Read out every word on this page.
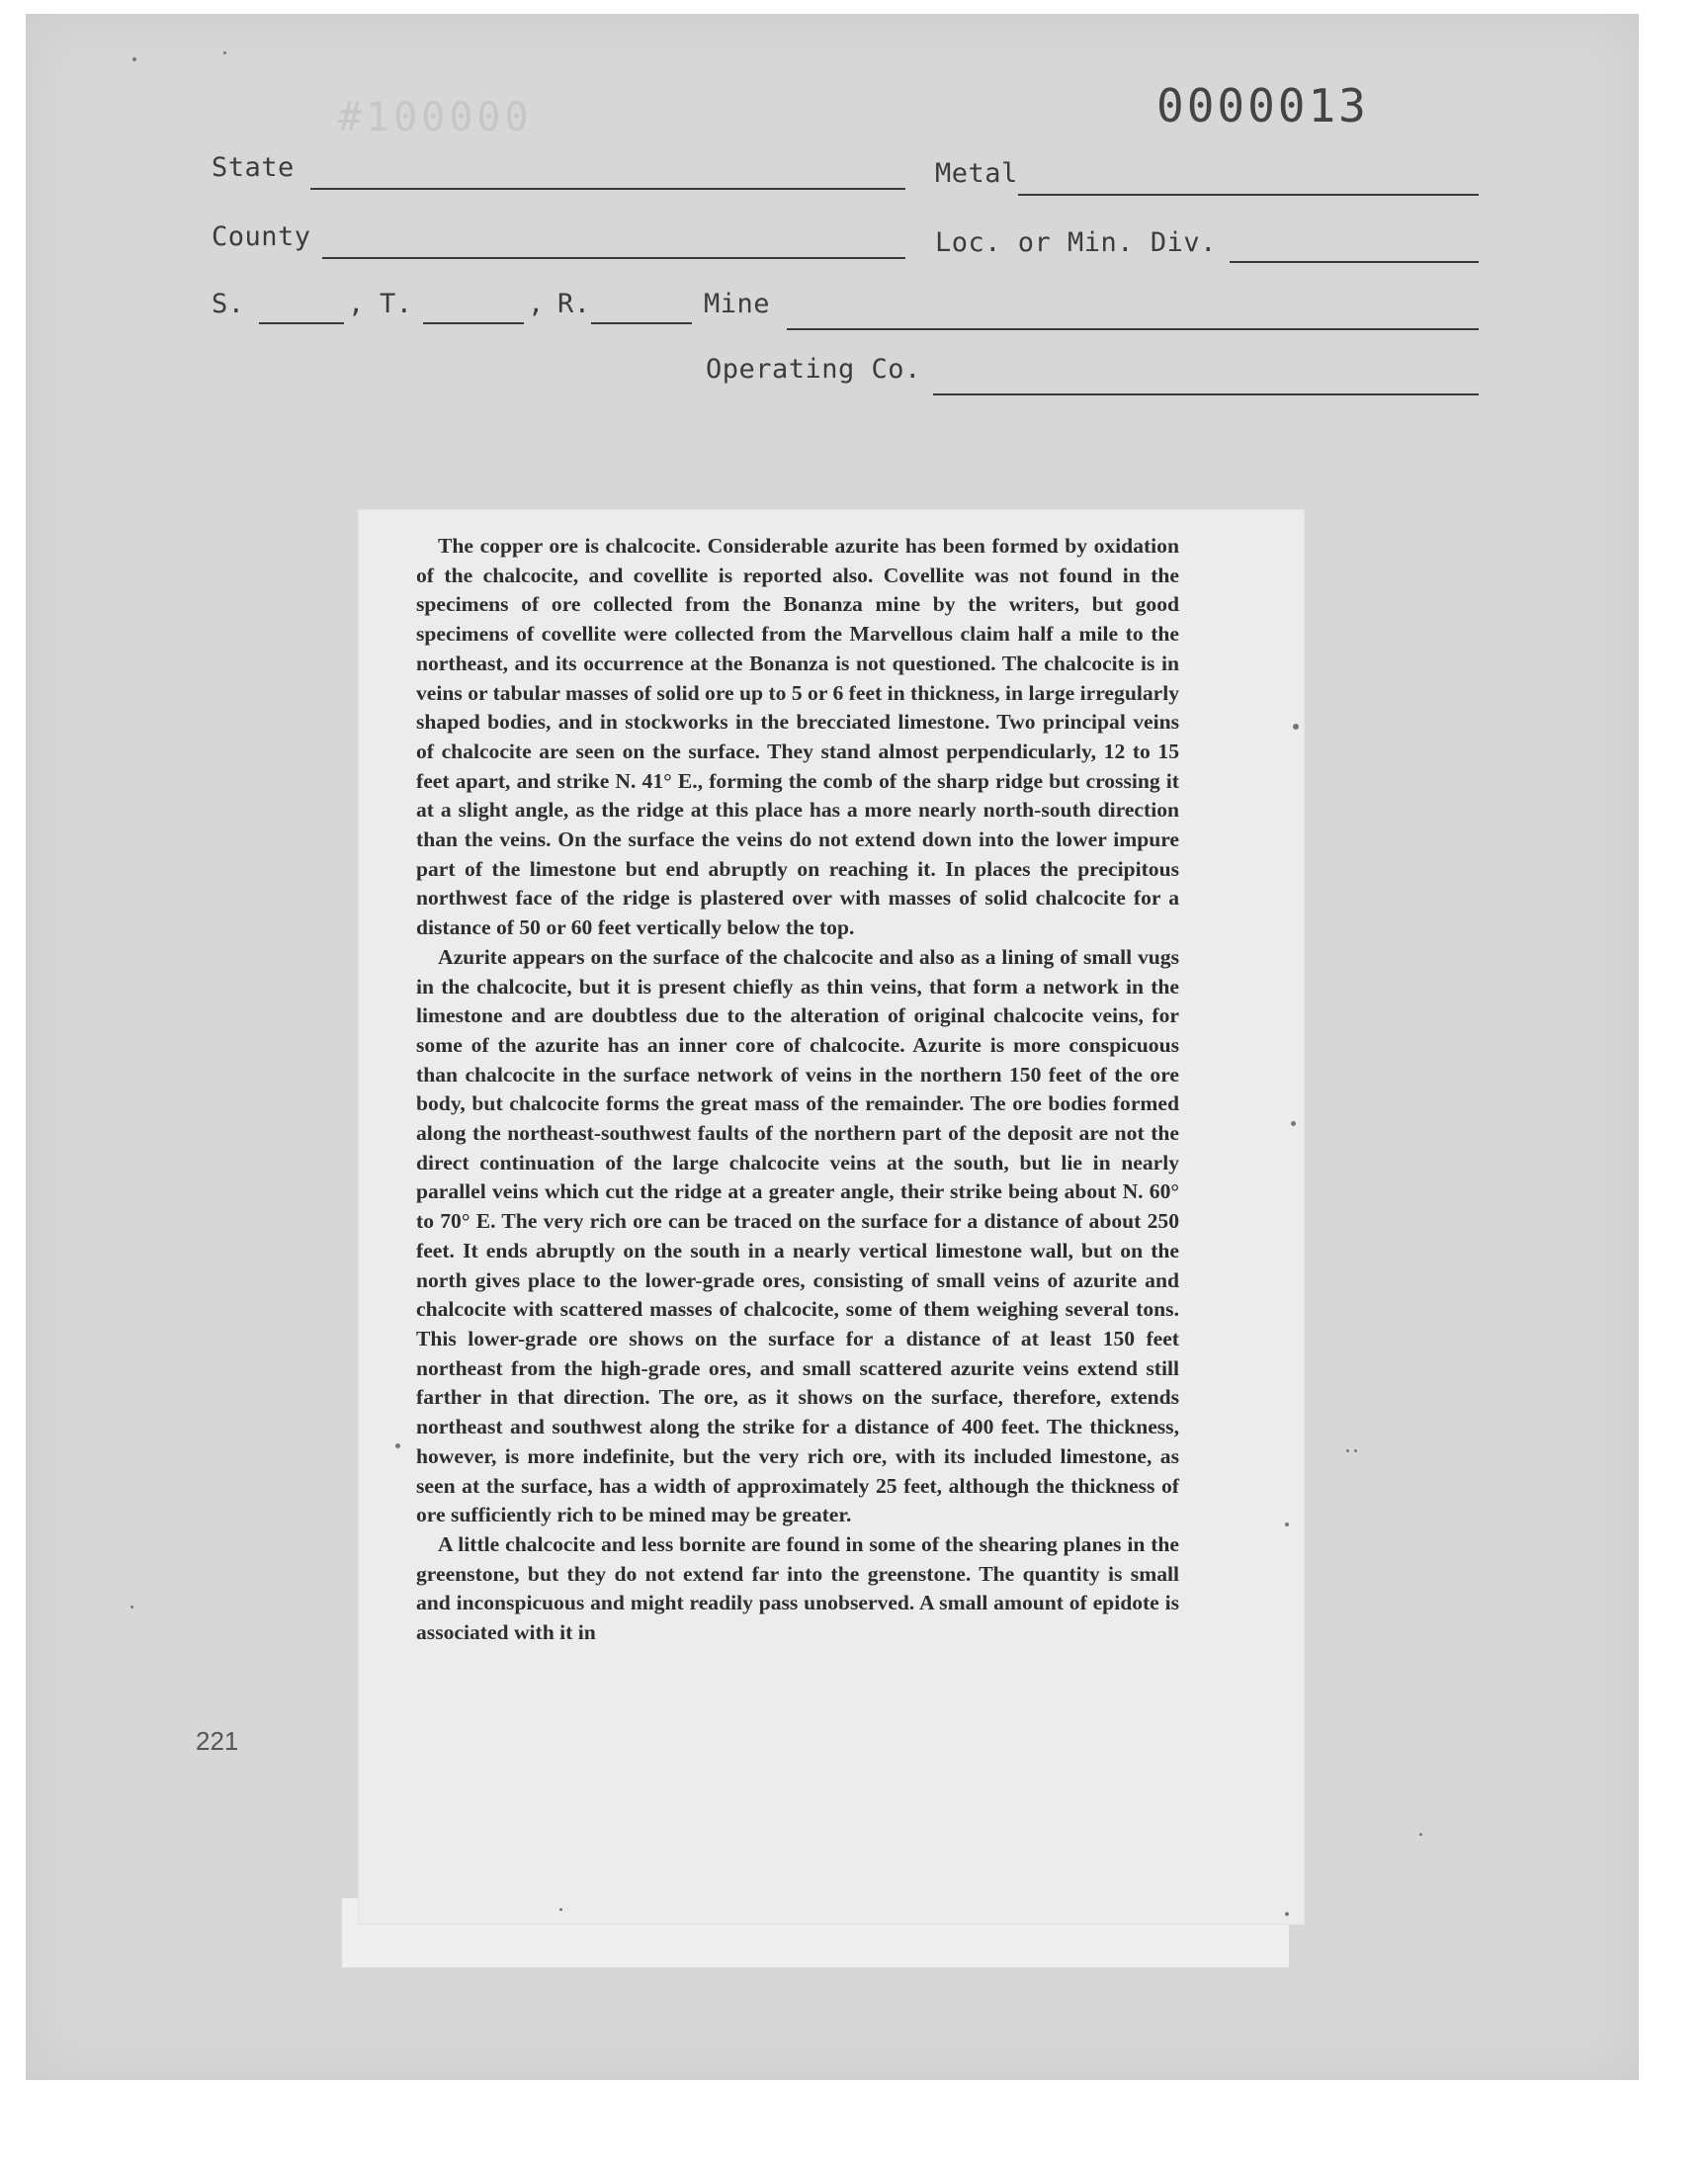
#100000	0000013
State	Metal
County	Loc. or Min. Div.
S.	, T.	, R.	Mine
Operating Co.
221

The copper ore is chalcocite. Considerable azurite has been formed by oxidation of the chalcocite, and covellite is reported also. Covellite was not found in the specimens of ore collected from the Bonanza mine by the writers, but good specimens of covellite were collected from the Marvellous claim half a mile to the northeast, and its occurrence at the Bonanza is not questioned. The chalcocite is in veins or tabular masses of solid ore up to 5 or 6 feet in thickness, in large irregularly shaped bodies, and in stockworks in the brecciated limestone. Two principal veins of chalcocite are seen on the surface. They stand almost perpendicularly, 12 to 15 feet apart, and strike N. 41° E., forming the comb of the sharp ridge but crossing it at a slight angle, as the ridge at this place has a more nearly north-south direction than the veins. On the surface the veins do not extend down into the lower impure part of the limestone but end abruptly on reaching it. In places the precipitous northwest face of the ridge is plastered over with masses of solid chalcocite for a distance of 50 or 60 feet vertically below the top.

Azurite appears on the surface of the chalcocite and also as a lining of small vugs in the chalcocite, but it is present chiefly as thin veins, that form a network in the limestone and are doubtless due to the alteration of original chalcocite veins, for some of the azurite has an inner core of chalcocite. Azurite is more conspicuous than chalcocite in the surface network of veins in the northern 150 feet of the ore body, but chalcocite forms the great mass of the remainder. The ore bodies formed along the northeast-southwest faults of the northern part of the deposit are not the direct continuation of the large chalcocite veins at the south, but lie in nearly parallel veins which cut the ridge at a greater angle, their strike being about N. 60° to 70° E. The very rich ore can be traced on the surface for a distance of about 250 feet. It ends abruptly on the south in a nearly vertical limestone wall, but on the north gives place to the lower-grade ores, consisting of small veins of azurite and chalcocite with scattered masses of chalcocite, some of them weighing several tons. This lower-grade ore shows on the surface for a distance of at least 150 feet northeast from the high-grade ores, and small scattered azurite veins extend still farther in that direction. The ore, as it shows on the surface, therefore, extends northeast and southwest along the strike for a distance of 400 feet. The thickness, however, is more indefinite, but the very rich ore, with its included limestone, as seen at the surface, has a width of approximately 25 feet, although the thickness of ore sufficiently rich to be mined may be greater.

A little chalcocite and less bornite are found in some of the shearing planes in the greenstone, but they do not extend far into the greenstone. The quantity is small and inconspicuous and might readily pass unobserved. A small amount of epidote is associated with it in
